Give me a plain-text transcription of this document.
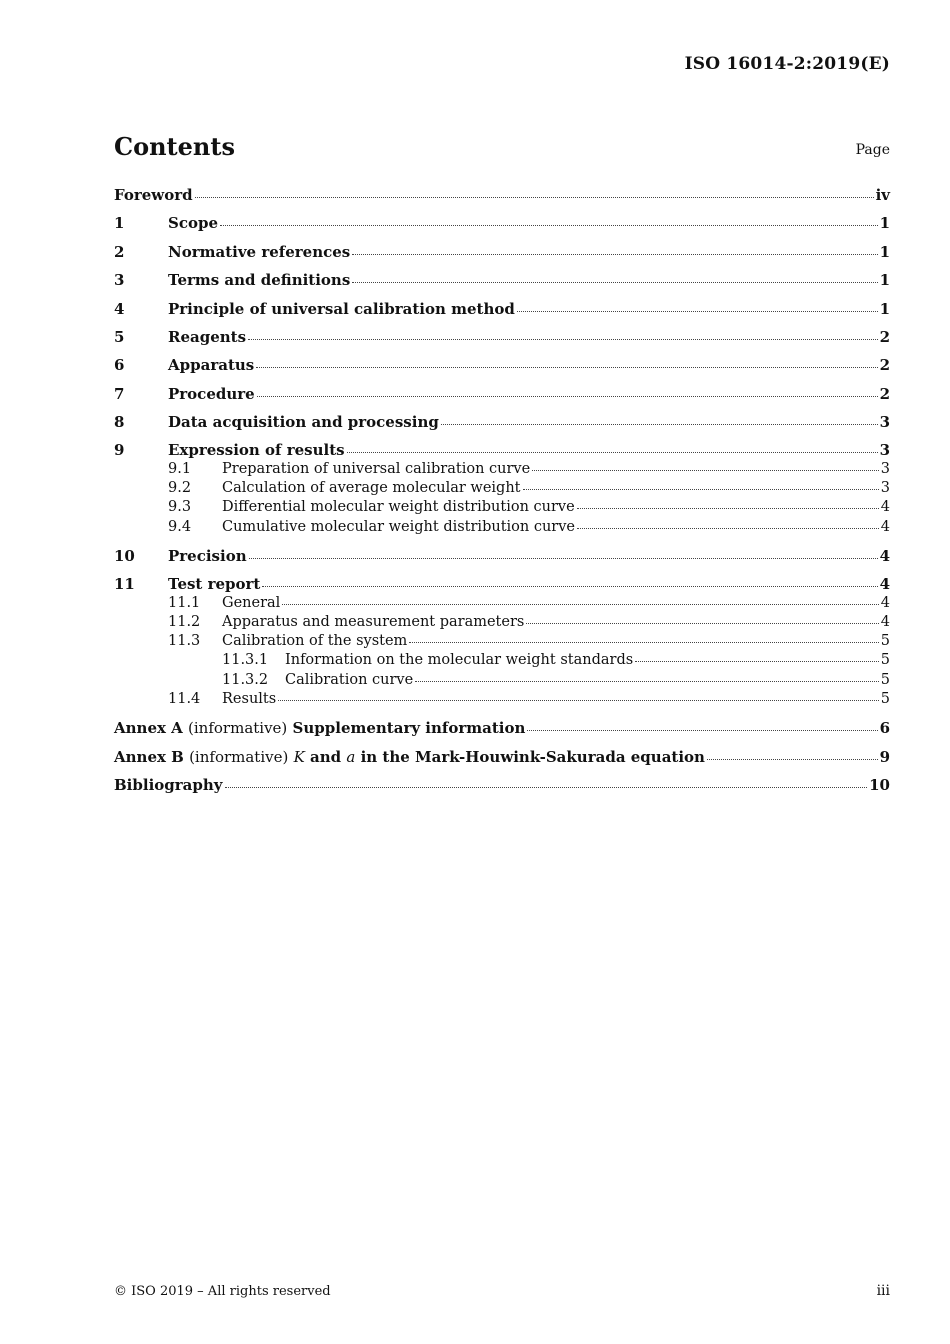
ISO 16014-2:2019(E)
Contents	Page
Foreword	iv
1	Scope	1
2	Normative references	1
3	Terms and definitions	1
4	Principle of universal calibration method	1
5	Reagents	2
6	Apparatus	2
7	Procedure	2
8	Data acquisition and processing	3
9	Expression of results	3
9.1	Preparation of universal calibration curve	3
9.2	Calculation of average molecular weight	3
9.3	Differential molecular weight distribution curve	4
9.4	Cumulative molecular weight distribution curve	4
10	Precision	4
11	Test report	4
11.1	General	4
11.2	Apparatus and measurement parameters	4
11.3	Calibration of the system	5
11.3.1	Information on the molecular weight standards	5
11.3.2	Calibration curve	5
11.4	Results	5
Annex A (informative) Supplementary information	6
Annex B (informative) K and a in the Mark-Houwink-Sakurada equation	9
Bibliography	10
© ISO 2019 – All rights reserved	iii
